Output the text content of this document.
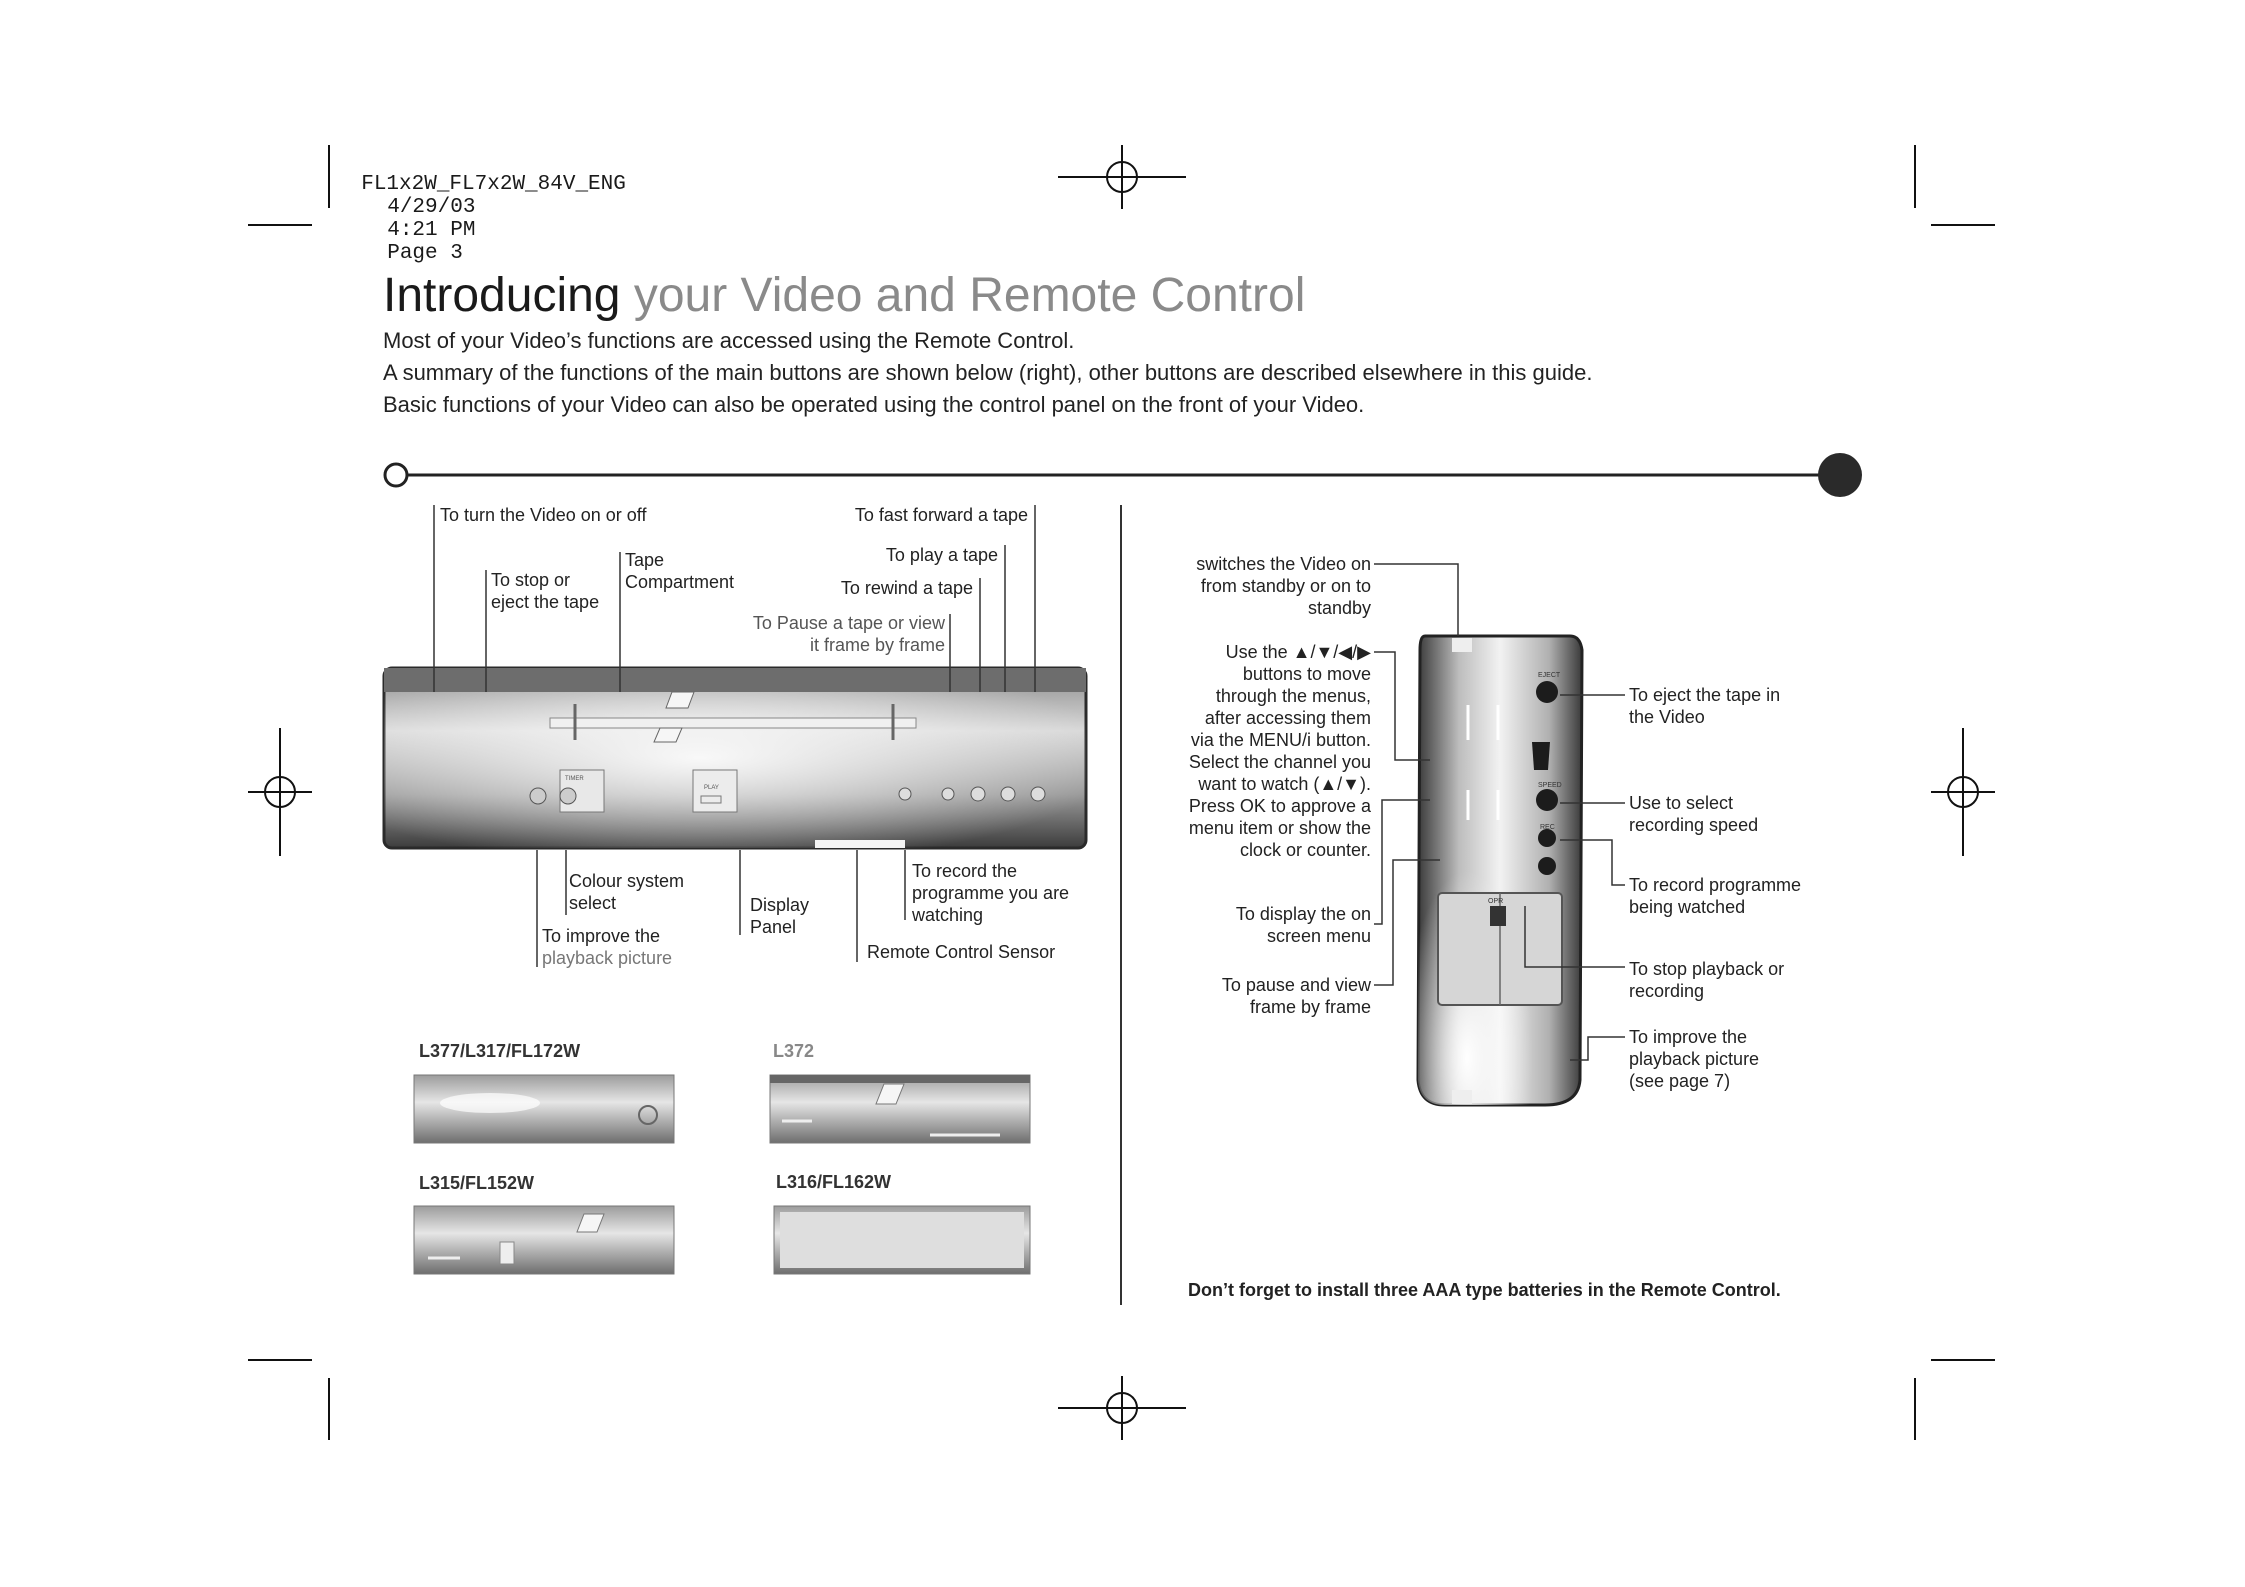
FL1x2W_FL7x2W_84V_ENG
4/29/03
4:21 PM
Page 3

TIMER
PLAY
EJECT
SPEED
REC
OPR
Introducing your Video and Remote Control
Most of your Video’s functions are accessed using the Remote Control.
A summary of the functions of the main buttons are shown below (right), other buttons are described elsewhere in this guide.
Basic functions of your Video can also be operated using the control panel on the front of your Video.
To turn the Video on or off
To stop or
eject the tape
Tape
Compartment
To fast forward a tape
To play a tape
To rewind a tape
To Pause a tape or view
it frame by frame
Colour system
select
To improve the
playback picture
Display
Panel
To record the
programme you are
watching
Remote Control Sensor
L377/L317/FL172W	L372
L315/FL152W	L316/FL162W
switches the Video on
from standby or on to
standby
Use the ▲/▼/◀/▶
buttons to move
through the menus,
after accessing them
via the MENU/i button.
Select the channel you
want to watch (▲/▼).
Press OK to approve a
menu item or show the
clock or counter.
To display the on
screen menu
To pause and view
frame by frame
To eject the tape in
the Video
Use to select
recording speed
To record programme
being watched
To stop playback or
recording
To improve the
playback picture
(see page 7)
Don’t forget to install three AAA type batteries in the Remote Control.
